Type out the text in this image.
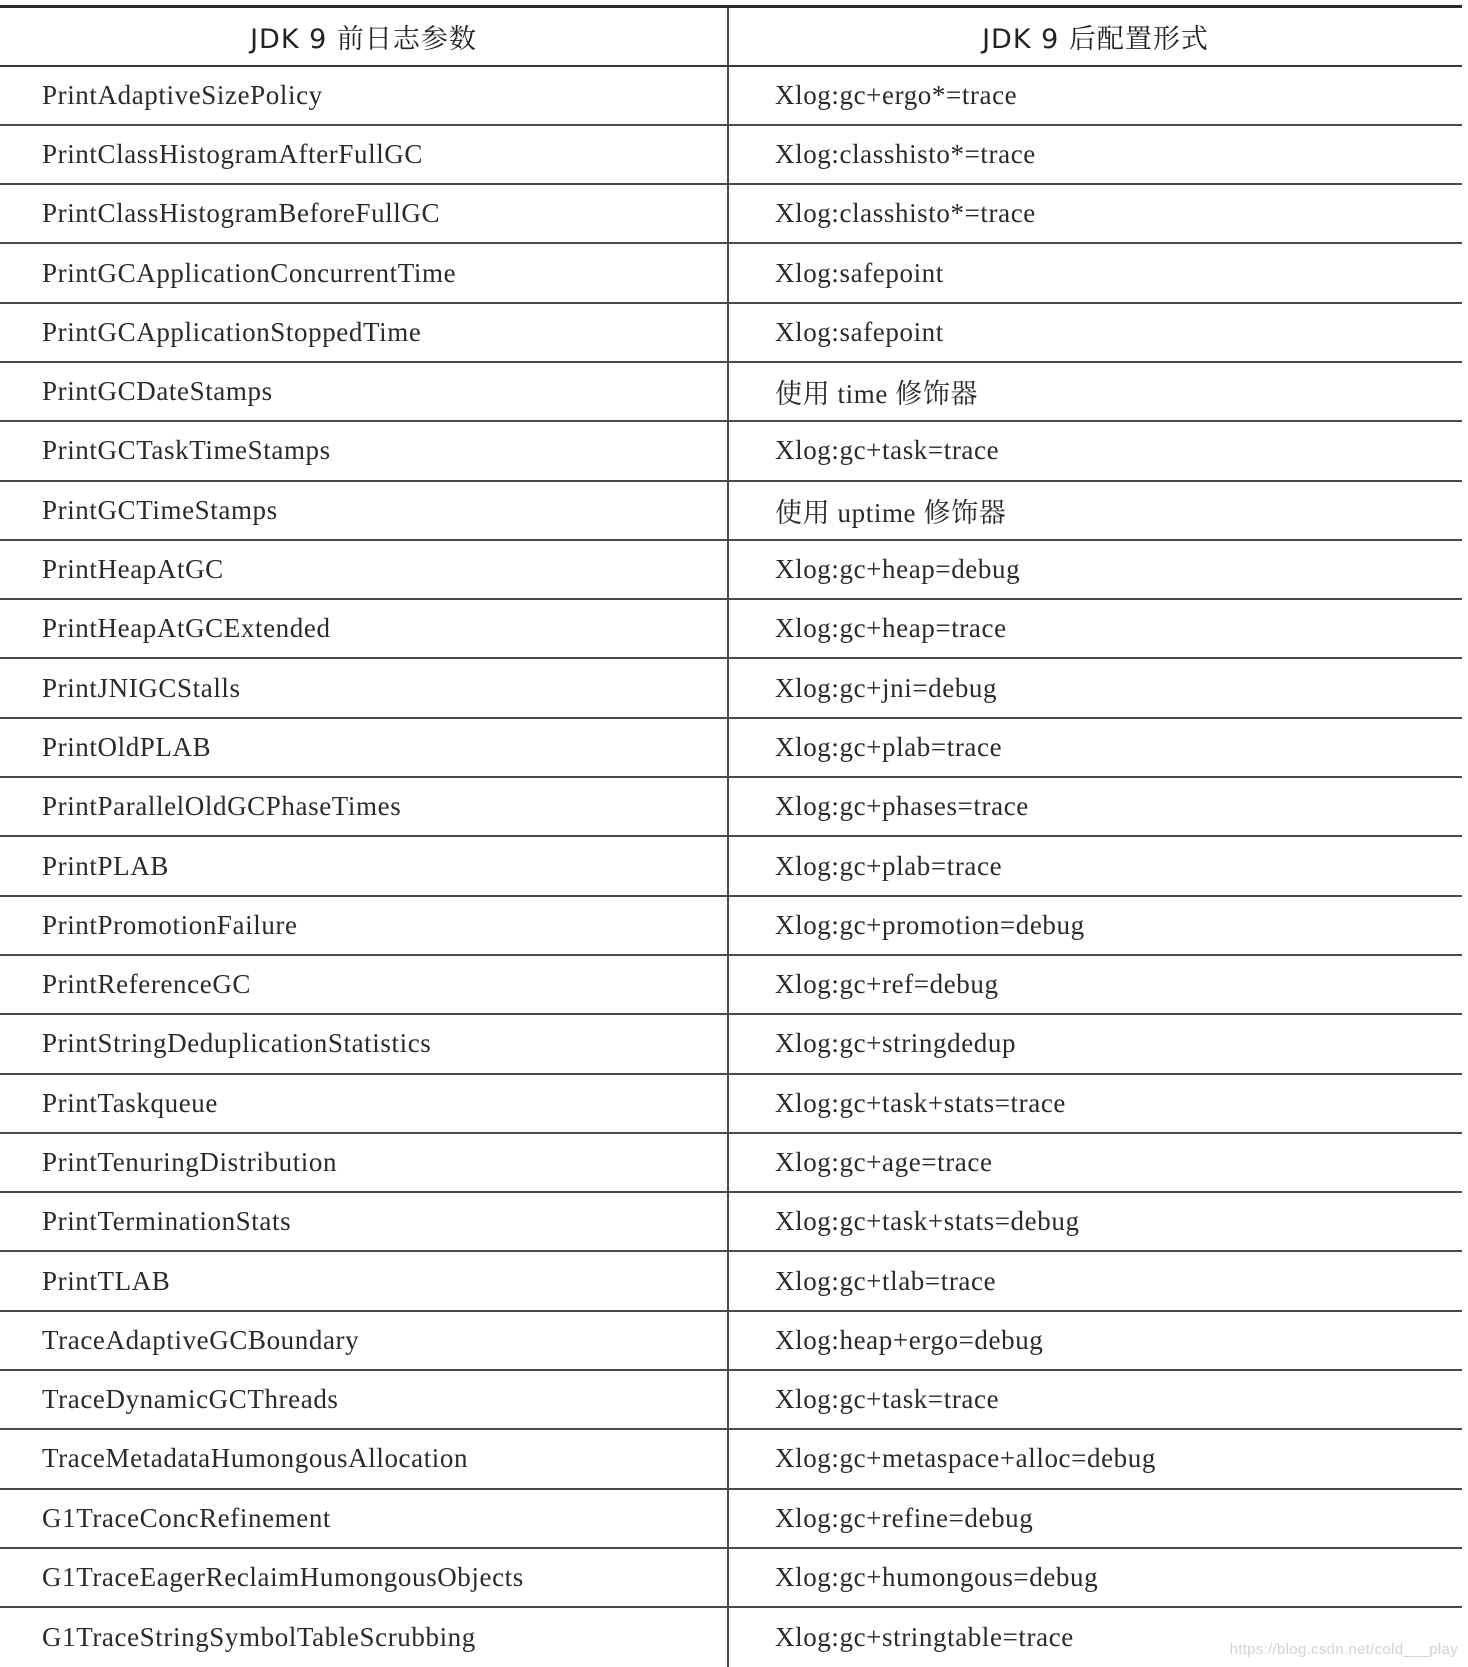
JDK 9 前日志参数	JDK 9 后配置形式
PrintAdaptiveSizePolicy	Xlog:gc+ergo*=trace
PrintClassHistogramAfterFullGC	Xlog:classhisto*=trace
PrintClassHistogramBeforeFullGC	Xlog:classhisto*=trace
PrintGCApplicationConcurrentTime	Xlog:safepoint
PrintGCApplicationStoppedTime	Xlog:safepoint
PrintGCDateStamps	使用 time 修饰器
PrintGCTaskTimeStamps	Xlog:gc+task=trace
PrintGCTimeStamps	使用 uptime 修饰器
PrintHeapAtGC	Xlog:gc+heap=debug
PrintHeapAtGCExtended	Xlog:gc+heap=trace
PrintJNIGCStalls	Xlog:gc+jni=debug
PrintOldPLAB	Xlog:gc+plab=trace
PrintParallelOldGCPhaseTimes	Xlog:gc+phases=trace
PrintPLAB	Xlog:gc+plab=trace
PrintPromotionFailure	Xlog:gc+promotion=debug
PrintReferenceGC	Xlog:gc+ref=debug
PrintStringDeduplicationStatistics	Xlog:gc+stringdedup
PrintTaskqueue	Xlog:gc+task+stats=trace
PrintTenuringDistribution	Xlog:gc+age=trace
PrintTerminationStats	Xlog:gc+task+stats=debug
PrintTLAB	Xlog:gc+tlab=trace
TraceAdaptiveGCBoundary	Xlog:heap+ergo=debug
TraceDynamicGCThreads	Xlog:gc+task=trace
TraceMetadataHumongousAllocation	Xlog:gc+metaspace+alloc=debug
G1TraceConcRefinement	Xlog:gc+refine=debug
G1TraceEagerReclaimHumongousObjects	Xlog:gc+humongous=debug
G1TraceStringSymbolTableScrubbing	Xlog:gc+stringtable=trace	https://blog.csdn.net/cold___play
